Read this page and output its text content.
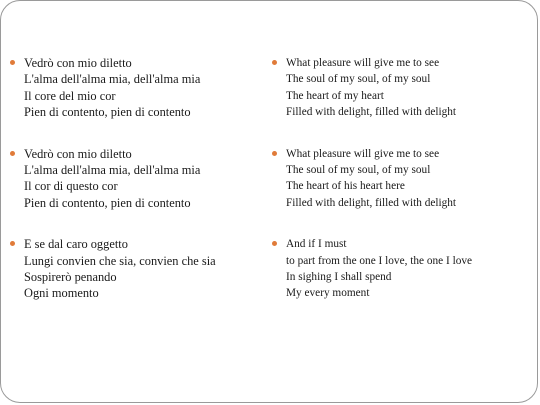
Vedrò con mio diletto
L'alma dell'alma mia, dell'alma mia
Il core del mio cor
Pien di contento, pien di contento
Vedrò con mio diletto
L'alma dell'alma mia, dell'alma mia
Il cor di questo cor
Pien di contento, pien di contento
E se dal caro oggetto
Lungi convien che sia, convien che sia
Sospirerò penando
Ogni momento
What pleasure will give me to see
The soul of my soul, of my soul
The heart of my heart
Filled with delight, filled with delight
What pleasure will give me to see
The soul of my soul, of my soul
The heart of his heart here
Filled with delight, filled with delight
And if I must
to part from the one I love, the one I love
In sighing I shall spend
My every moment
